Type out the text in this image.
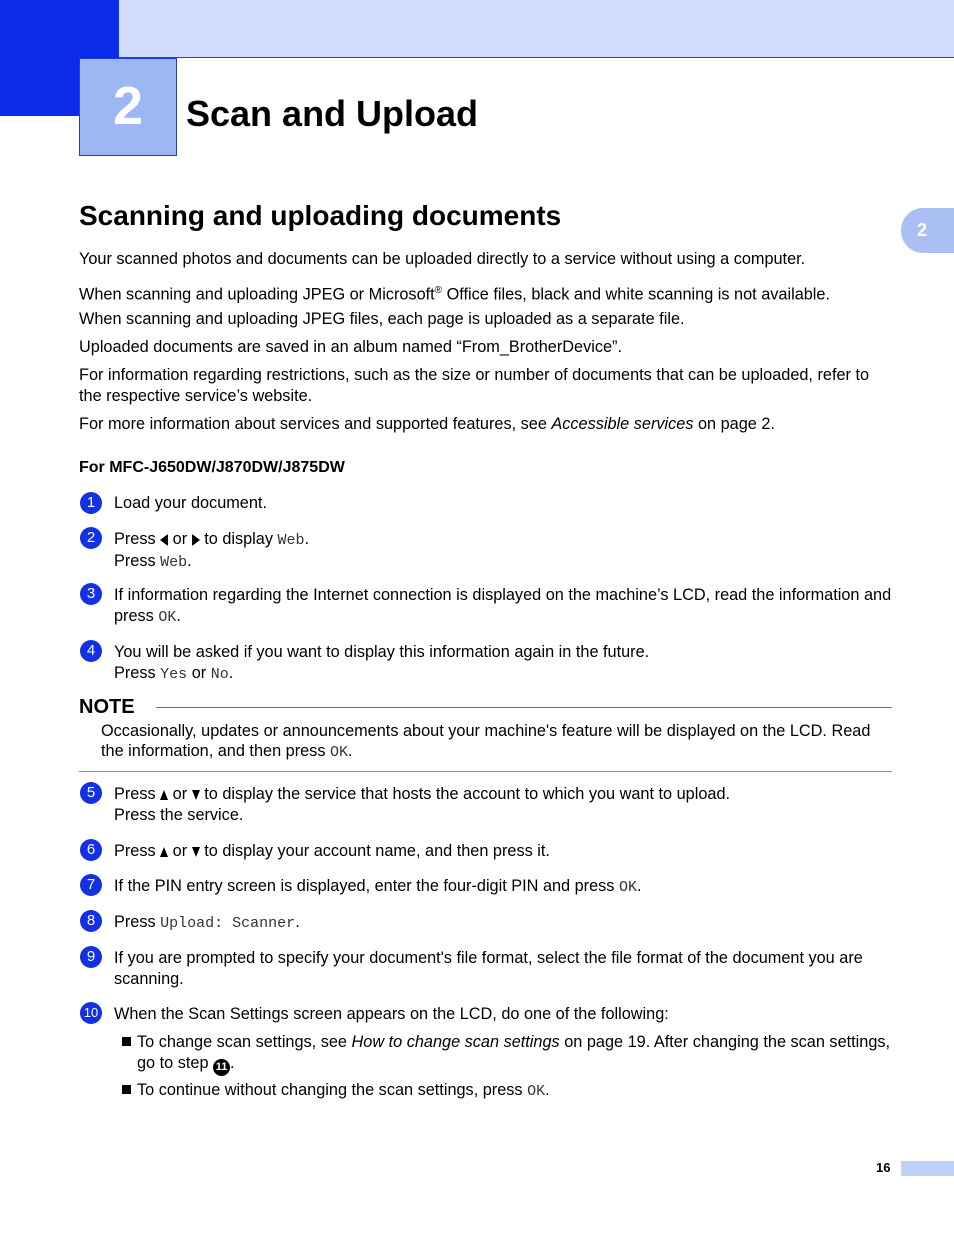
2	Scan and Upload
2
Scanning and uploading documents

Your scanned photos and documents can be uploaded directly to a service without using a computer.

When scanning and uploading JPEG or Microsoft® Office files, black and white scanning is not available.

When scanning and uploading JPEG files, each page is uploaded as a separate file.

Uploaded documents are saved in an album named “From_BrotherDevice”.

For information regarding restrictions, such as the size or number of documents that can be uploaded, refer to the respective service’s website.

For more information about services and supported features, see Accessible services on page 2.

For MFC-J650DW/J870DW/J875DW
1	Load your document.

2	Press  or  to display Web.
Press Web.

3	If information regarding the Internet connection is displayed on the machine’s LCD, read the information and press OK.

4	You will be asked if you want to display this information again in the future.
Press Yes or No.

NOTE

Occasionally, updates or announcements about your machine's feature will be displayed on the LCD. Read the information, and then press OK.

5	Press  or  to display the service that hosts the account to which you want to upload.
Press the service.

6	Press  or  to display your account name, and then press it.

7	If the PIN entry screen is displayed, enter the four-digit PIN and press OK.

8	Press Upload: Scanner.

9	If you are prompted to specify your document's file format, select the file format of the document you are scanning.

10 When the Scan Settings screen appears on the LCD, do one of the following:

To change scan settings, see How to change scan settings on page 19. After changing the scan settings, go to step 11 .

To continue without changing the scan settings, press OK.

16
